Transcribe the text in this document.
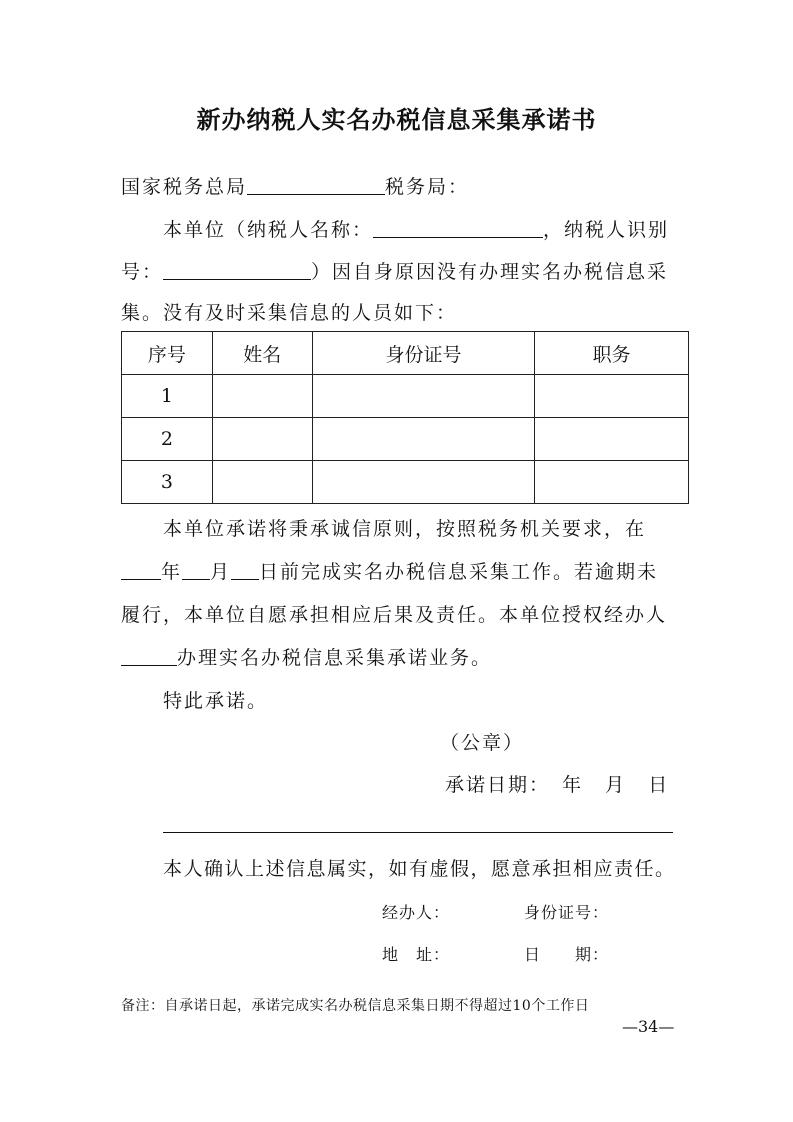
新办纳税人实名办税信息采集承诺书
国家税务总局	税务局：
本单位（纳税人名称：	，纳税人识别
号：	）因自身原因没有办理实名办税信息采
集。没有及时采集信息的人员如下：
序号	姓名	身份证号	职务
1			
2			
3			
本单位承诺将秉承诚信原则，按照税务机关要求，在
年 月 日前完成实名办税信息采集工作。若逾期未
履行，本单位自愿承担相应后果及责任。本单位授权经办人
办理实名办税信息采集承诺业务。
特此承诺。
（公章）
承诺日期： 年 月 日
本人确认上述信息属实，如有虚假，愿意承担相应责任。
经办人：	身份证号：
地　址：	日　　期：
备注：自承诺日起，承诺完成实名办税信息采集日期不得超过10个工作日
—34—
